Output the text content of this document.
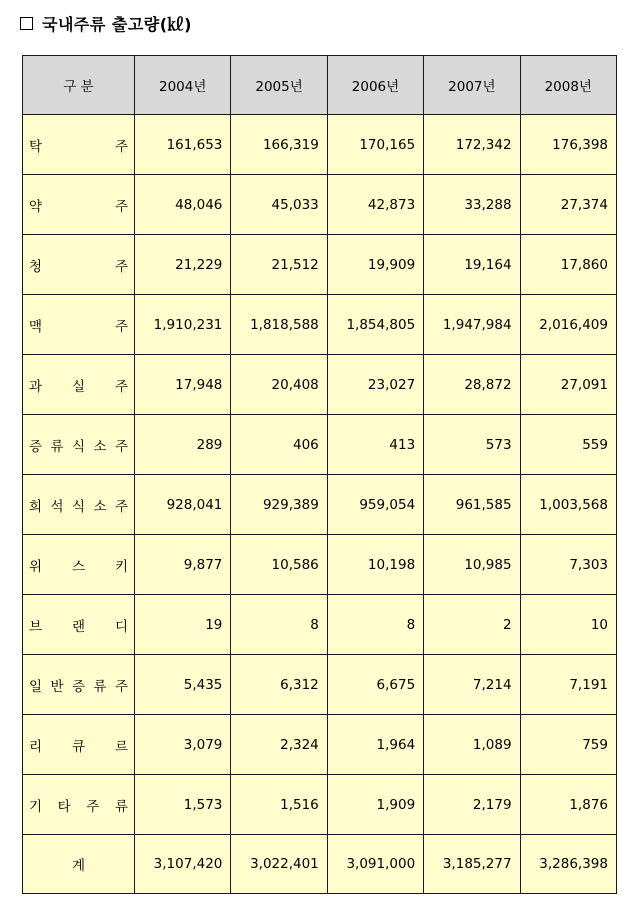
국내주류 출고량(㎘)
구 분	2004년	2005년	2006년	2007년	2008년
탁 주	161,653	166,319	170,165	172,342	176,398
약 주	48,046	45,033	42,873	33,288	27,374
청 주	21,229	21,512	19,909	19,164	17,860
맥 주	1,910,231	1,818,588	1,854,805	1,947,984	2,016,409
과 실 주	17,948	20,408	23,027	28,872	27,091
증 류 식 소 주	289	406	413	573	559
희 석 식 소 주	928,041	929,389	959,054	961,585	1,003,568
위 스 키	9,877	10,586	10,198	10,985	7,303
브 랜 디	19	8	8	2	10
일 반 증 류 주	5,435	6,312	6,675	7,214	7,191
리 큐 르	3,079	2,324	1,964	1,089	759
기 타 주 류	1,573	1,516	1,909	2,179	1,876
계	3,107,420	3,022,401	3,091,000	3,185,277	3,286,398
